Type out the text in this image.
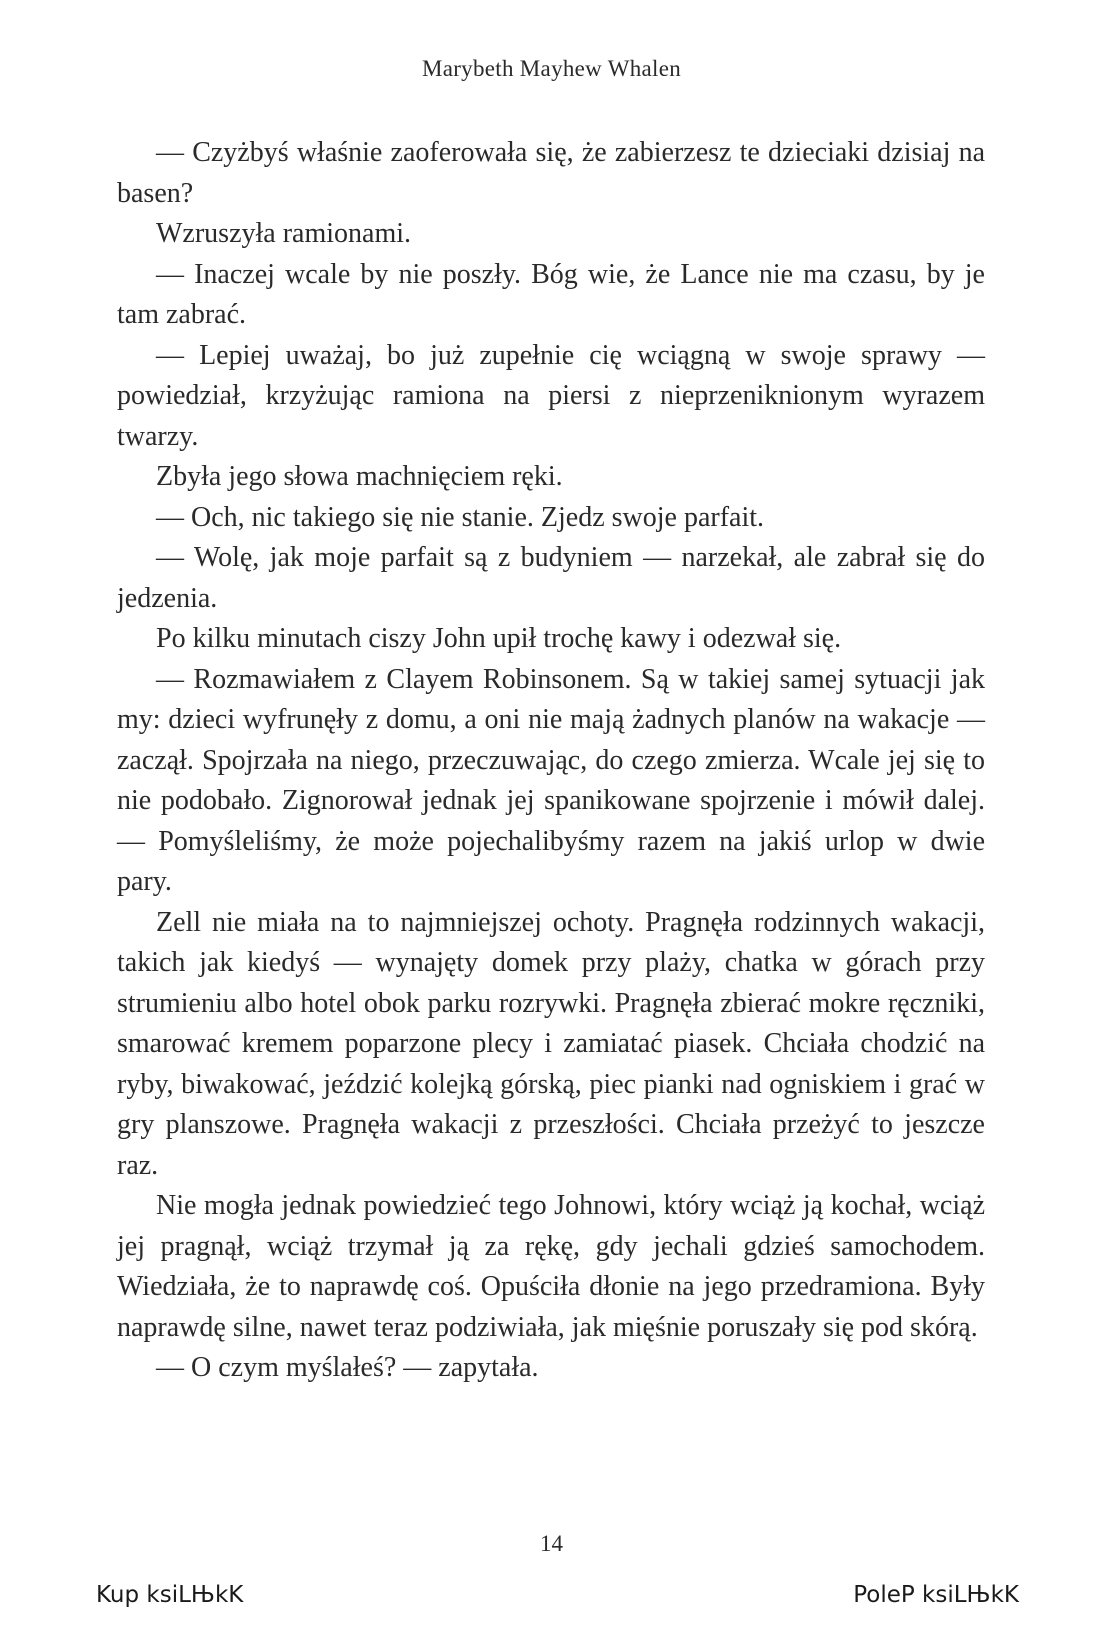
Marybeth Mayhew Whalen

— Czyżbyś właśnie zaoferowała się, że zabierzesz te dzieciaki dzisiaj na basen?

Wzruszyła ramionami.

— Inaczej wcale by nie poszły. Bóg wie, że Lance nie ma czasu, by je tam zabrać.

— Lepiej uważaj, bo już zupełnie cię wciągną w swoje sprawy — powiedział, krzyżując ramiona na piersi z nieprzeniknionym wyrazem twarzy.

Zbyła jego słowa machnięciem ręki.

— Och, nic takiego się nie stanie. Zjedz swoje parfait.

— Wolę, jak moje parfait są z budyniem — narzekał, ale zabrał się do jedzenia.

Po kilku minutach ciszy John upił trochę kawy i odezwał się.

— Rozmawiałem z Clayem Robinsonem. Są w takiej samej sytuacji jak my: dzieci wyfrunęły z domu, a oni nie mają żadnych planów na wakacje — zaczął. Spojrzała na niego, przeczuwając, do czego zmierza. Wcale jej się to nie podobało. Zignorował jednak jej spanikowane spojrzenie i mówił dalej. — Pomyśleliśmy, że może pojechalibyśmy razem na jakiś urlop w dwie pary.

Zell nie miała na to najmniejszej ochoty. Pragnęła rodzinnych wakacji, takich jak kiedyś — wynajęty domek przy plaży, chatka w górach przy strumieniu albo hotel obok parku rozrywki. Pragnęła zbierać mokre ręczniki, smarować kremem poparzone plecy i zamiatać piasek. Chciała chodzić na ryby, biwakować, jeździć kolejką górską, piec pianki nad ogniskiem i grać w gry planszowe. Pragnęła wakacji z przeszłości. Chciała przeżyć to jeszcze raz.

Nie mogła jednak powiedzieć tego Johnowi, który wciąż ją kochał, wciąż jej pragnął, wciąż trzymał ją za rękę, gdy jechali gdzieś samochodem. Wiedziała, że to naprawdę coś. Opuściła dłonie na jego przedramiona. Były naprawdę silne, nawet teraz podziwiała, jak mięśnie poruszały się pod skórą.

— O czym myślałeś? — zapytała.

14
Kup ksiLЊkK	PoleP ksiLЊkK
